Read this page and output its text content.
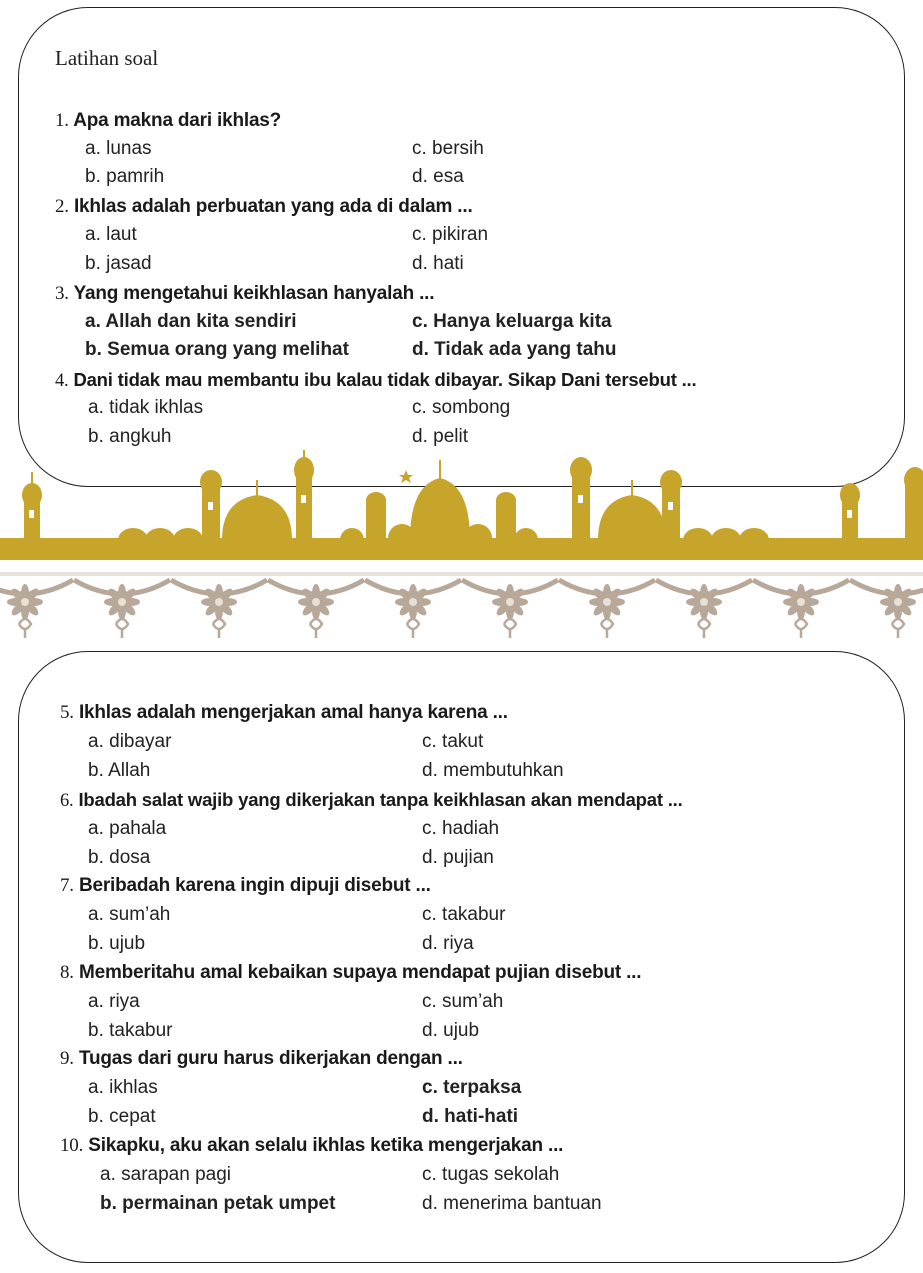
Latihan soal
1. Apa makna dari ikhlas?
a. lunas
b. pamrih
c. bersih
d. esa
2. Ikhlas adalah perbuatan yang ada di dalam ...
a. laut
b. jasad
c. pikiran
d. hati
3. Yang mengetahui keikhlasan hanyalah ...
a. Allah dan kita sendiri
b. Semua orang yang melihat
c. Hanya keluarga kita
d. Tidak ada yang tahu
4. Dani tidak mau membantu ibu kalau tidak dibayar. Sikap Dani tersebut ...
a. tidak ikhlas
b. angkuh
c. sombong
d. pelit
5. Ikhlas adalah mengerjakan amal hanya karena ...
a. dibayar
b. Allah
c. takut
d. membutuhkan
6. Ibadah salat wajib yang dikerjakan tanpa keikhlasan akan mendapat ...
a. pahala
b. dosa
c. hadiah
d. pujian
7. Beribadah karena ingin dipuji disebut ...
a. sum’ah
b. ujub
c. takabur
d. riya
8. Memberitahu amal kebaikan supaya mendapat pujian disebut ...
a. riya
b. takabur
c. sum’ah
d. ujub
9. Tugas dari guru harus dikerjakan dengan ...
a. ikhlas
b. cepat
c. terpaksa
d. hati-hati
10. Sikapku, aku akan selalu ikhlas ketika mengerjakan ...
a. sarapan pagi
b. permainan petak umpet
c. tugas sekolah
d. menerima bantuan
